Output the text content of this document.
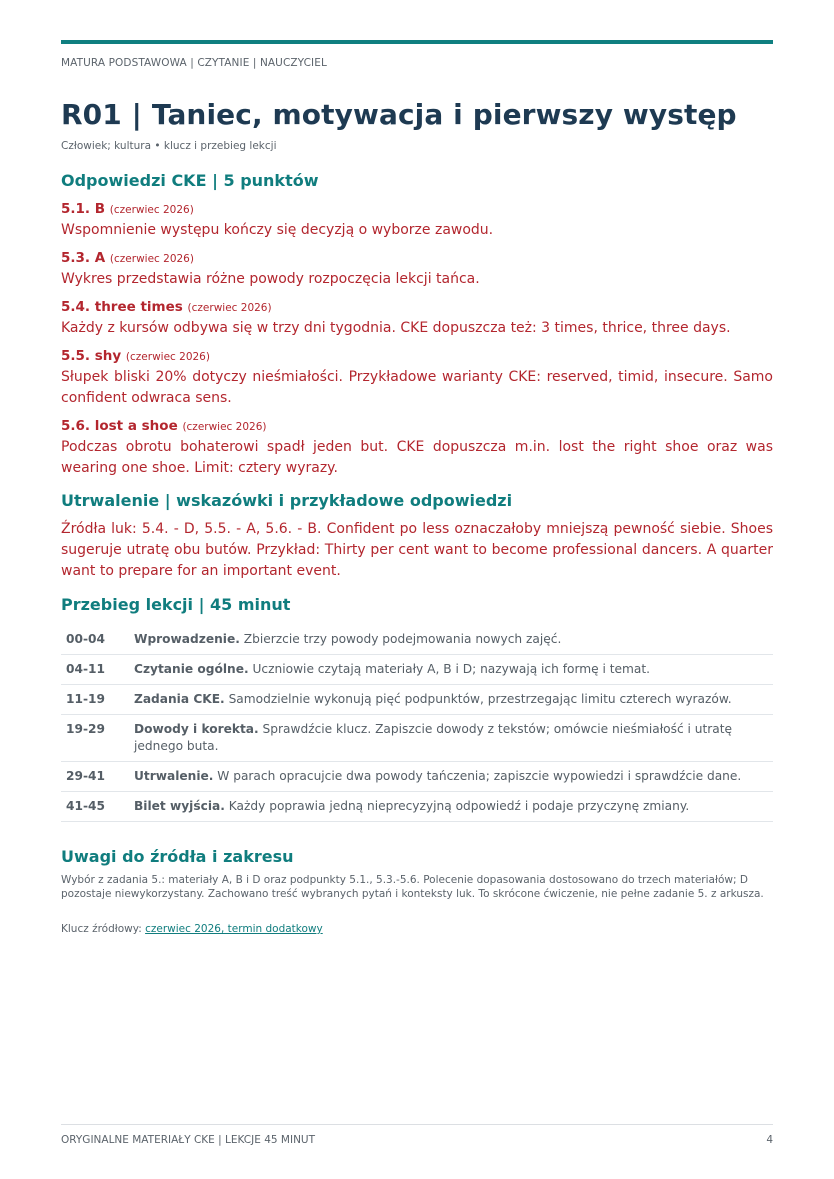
MATURA PODSTAWOWA | CZYTANIE | NAUCZYCIEL
R01 | Taniec, motywacja i pierwszy występ
Człowiek; kultura • klucz i przebieg lekcji
Odpowiedzi CKE | 5 punktów
5.1. B (czerwiec 2026)
Wspomnienie występu kończy się decyzją o wyborze zawodu.
5.3. A (czerwiec 2026)
Wykres przedstawia różne powody rozpoczęcia lekcji tańca.
5.4. three times (czerwiec 2026)
Każdy z kursów odbywa się w trzy dni tygodnia. CKE dopuszcza też: 3 times, thrice, three days.
5.5. shy (czerwiec 2026)
Słupek bliski 20% dotyczy nieśmiałości. Przykładowe warianty CKE: reserved, timid, insecure. Samo confident odwraca sens.
5.6. lost a shoe (czerwiec 2026)
Podczas obrotu bohaterowi spadł jeden but. CKE dopuszcza m.in. lost the right shoe oraz was wearing one shoe. Limit: cztery wyrazy.
Utrwalenie | wskazówki i przykładowe odpowiedzi
Źródła luk: 5.4. - D, 5.5. - A, 5.6. - B. Confident po less oznaczałoby mniejszą pewność siebie. Shoes sugeruje utratę obu butów. Przykład: Thirty per cent want to become professional dancers. A quarter want to prepare for an important event.
Przebieg lekcji | 45 minut
00-04	Wprowadzenie. Zbierzcie trzy powody podejmowania nowych zajęć.
04-11	Czytanie ogólne. Uczniowie czytają materiały A, B i D; nazywają ich formę i temat.
11-19	Zadania CKE. Samodzielnie wykonują pięć podpunktów, przestrzegając limitu czterech wyrazów.
19-29	Dowody i korekta. Sprawdźcie klucz. Zapiszcie dowody z tekstów; omówcie nieśmiałość i utratę jednego buta.
29-41	Utrwalenie. W parach opracujcie dwa powody tańczenia; zapiszcie wypowiedzi i sprawdźcie dane.
41-45	Bilet wyjścia. Każdy poprawia jedną nieprecyzyjną odpowiedź i podaje przyczynę zmiany.
Uwagi do źródła i zakresu
Wybór z zadania 5.: materiały A, B i D oraz podpunkty 5.1., 5.3.-5.6. Polecenie dopasowania dostosowano do trzech materiałów; D pozostaje niewykorzystany. Zachowano treść wybranych pytań i konteksty luk. To skrócone ćwiczenie, nie pełne zadanie 5. z arkusza.
Klucz źródłowy: czerwiec 2026, termin dodatkowy
ORYGINALNE MATERIAŁY CKE | LEKCJE 45 MINUT	4
